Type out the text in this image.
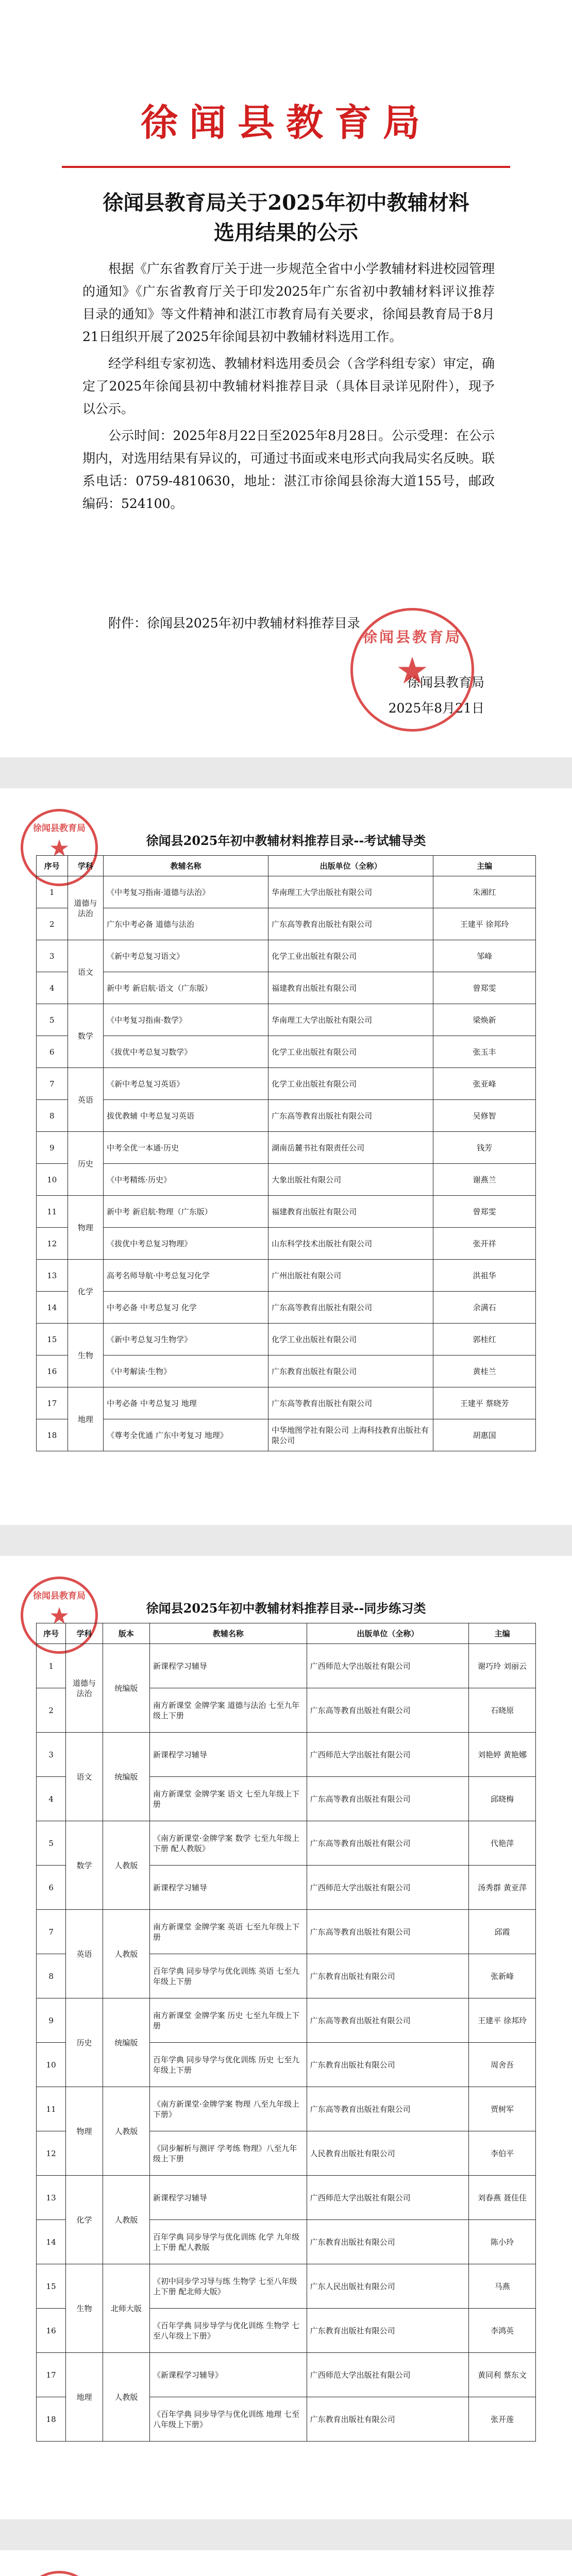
徐闻县教育局
徐闻县教育局关于2025年初中教辅材料
选用结果的公示

根据《广东省教育厅关于进一步规范全省中小学教辅材料进校园管理的通知》《广东省教育厅关于印发2025年广东省初中教辅材料评议推荐目录的通知》等文件精神和湛江市教育局有关要求，徐闻县教育局于8月21日组织开展了2025年徐闻县初中教辅材料选用工作。

经学科组专家初选、教辅材料选用委员会（含学科组专家）审定，确定了2025年徐闻县初中教辅材料推荐目录（具体目录详见附件），现予以公示。

公示时间：2025年8月22日至2025年8月28日。公示受理：在公示期内，对选用结果有异议的，可通过书面或来电形式向我局实名反映。联系电话：0759-4810630，地址：湛江市徐闻县徐海大道155号，邮政编码：524100。

附件：徐闻县2025年初中教辅材料推荐目录
徐闻县教育局
2025年8月21日
徐闻县教育局
★
徐闻县教育局
★	徐闻县2025年初中教辅材料推荐目录--考试辅导类
序号	学科	教辅名称	出版单位（全称）	主编
1	道德与法治	《中考复习指南·道德与法治》	华南理工大学出版社有限公司	朱湘红
2		广东中考必备 道德与法治	广东高等教育出版社有限公司	王建平 徐邦玲
3	语文	《新中考总复习语文》	化学工业出版社有限公司	邹峰
4		新中考 新启航·语文（广东版）	福建教育出版社有限公司	曾郑雯
5	数学	《中考复习指南·数学》	华南理工大学出版社有限公司	梁焕新
6		《拔优中考总复习数学》	化学工业出版社有限公司	张玉丰
7	英语	《新中考总复习英语》	化学工业出版社有限公司	张亚峰
8		拔优教辅 中考总复习英语	广东高等教育出版社有限公司	吴修智
9	历史	中考全优一本通·历史	湖南岳麓书社有限责任公司	钱芳
10		《中考精练·历史》	大象出版社有限公司	谢燕兰
11	物理	新中考 新启航·物理（广东版）	福建教育出版社有限公司	曾郑雯
12		《拔优中考总复习物理》	山东科学技术出版社有限公司	张开祥
13	化学	高考名师导航·中考总复习化学	广州出版社有限公司	洪祖华
14		中考必备 中考总复习 化学	广东高等教育出版社有限公司	余满石
15	生物	《新中考总复习生物学》	化学工业出版社有限公司	郭桂红
16		《中考解读·生物》	广东教育出版社有限公司	黄桂兰
17	地理	中考必备 中考总复习 地理	广东高等教育出版社有限公司	王建平 蔡晓芳
18		《尊考全优通 广东中考复习 地理》	中华地图学社有限公司 上海科技教育出版社有限公司	胡惠国
徐闻县教育局
★	徐闻县2025年初中教辅材料推荐目录--同步练习类
序号	学科	版本	教辅名称	出版单位（全称）	主编
1	道德与法治	统编版	新课程学习辅导	广西师范大学出版社有限公司	谢巧玲 刘丽云
2			南方新课堂 金牌学案 道德与法治 七至九年级上下册	广东高等教育出版社有限公司	石晓原
3	语文	统编版	新课程学习辅导	广西师范大学出版社有限公司	刘艳婷 黄艳娜
4			南方新课堂 金牌学案 语文 七至九年级上下册	广东高等教育出版社有限公司	邱晓梅
5	数学	人教版	《南方新课堂·金牌学案 数学 七至九年级上下册 配人教版》	广东高等教育出版社有限公司	代艳萍
6			新课程学习辅导	广西师范大学出版社有限公司	汤秀群 黄亚萍
7	英语	人教版	南方新课堂 金牌学案 英语 七至九年级上下册	广东高等教育出版社有限公司	邱霞
8			百年学典 同步导学与优化训练 英语 七至九年级上下册	广东教育出版社有限公司	张新峰
9	历史	统编版	南方新课堂 金牌学案 历史 七至九年级上下册	广东高等教育出版社有限公司	王建平 徐邦玲
10			百年学典 同步导学与优化训练 历史 七至九年级上下册	广东教育出版社有限公司	周舍吾
11	物理	人教版	《南方新课堂·金牌学案 物理 八至九年级上下册》	广东高等教育出版社有限公司	贾树军
12			《同步解析与测评 学考练 物理》八至九年级上下册	人民教育出版社有限公司	李伯平
13	化学	人教版	新课程学习辅导	广西师范大学出版社有限公司	刘春燕 聂佳佳
14			百年学典 同步导学与优化训练 化学 九年级上下册 配人教版	广东教育出版社有限公司	陈小玲
15	生物	北师大版	《初中同步学习导与练 生物学 七至八年级上下册 配北师大版》	广东人民出版社有限公司	马燕
16			《百年学典 同步导学与优化训练 生物学 七至八年级上下册》	广东教育出版社有限公司	李鸿英
17	地理	人教版	《新课程学习辅导》	广西师范大学出版社有限公司	黄同利 蔡东文
18			《百年学典 同步导学与优化训练 地理 七至八年级上下册》	广东教育出版社有限公司	张开莲
